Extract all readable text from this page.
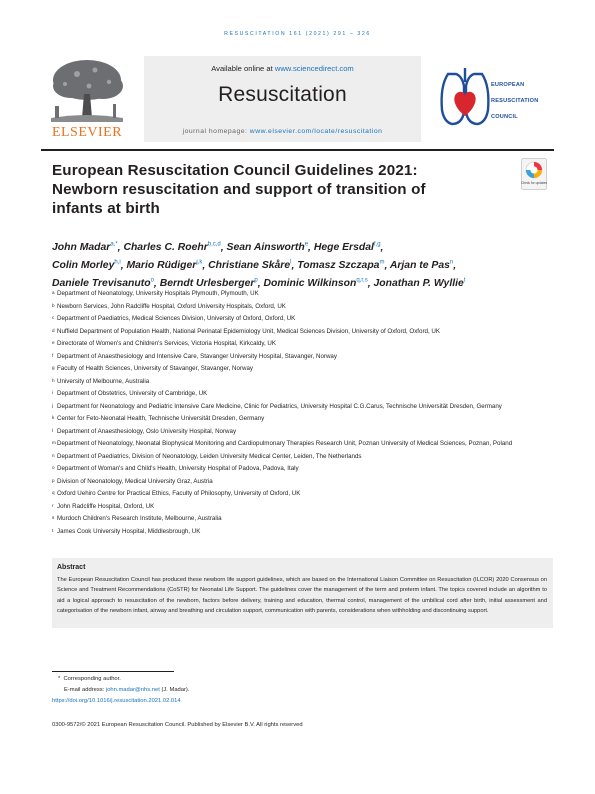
RESUSCITATION 161 (2021) 291 – 326
ELSEVIER
Available online at www.sciencedirect.com
Resuscitation
journal homepage: www.elsevier.com/locate/resuscitation
EUROPEAN
RESUSCITATION
COUNCIL
European Resuscitation Council Guidelines 2021:
Newborn resuscitation and support of transition of
infants at birth
Check for updates
John Madar$^{a,*}$, Charles C. Roehr$^{b,c,d}$, Sean Ainsworth$^e$, Hege Ersdal$^{f,g}$,
Colin Morley$^{h,i}$, Mario Rüdiger$^{j,k}$, Christiane Skåre$^l$, Tomasz Szczapa$^m$, Arjan te Pas$^n$,
Daniele Trevisanuto$^o$, Berndt Urlesberger$^p$, Dominic Wilkinson$^{q,r,s}$, Jonathan P. Wyllie$^t$
a Department of Neonatology, University Hospitals Plymouth, Plymouth, UK
b Newborn Services, John Radcliffe Hospital, Oxford University Hospitals, Oxford, UK
c Department of Paediatrics, Medical Sciences Division, University of Oxford, Oxford, UK
d Nuffield Department of Population Health, National Perinatal Epidemiology Unit, Medical Sciences Division, University of Oxford, Oxford, UK
e Directorate of Women's and Children's Services, Victoria Hospital, Kirkcaldy, UK
f Department of Anaesthesiology and Intensive Care, Stavanger University Hospital, Stavanger, Norway
g Faculty of Health Sciences, University of Stavanger, Stavanger, Norway
h University of Melbourne, Australia
i Department of Obstetrics, University of Cambridge, UK
j Department for Neonatology and Pediatric Intensive Care Medicine, Clinic for Pediatrics, University Hospital C.G.Carus, Technische Universität Dresden, Germany
k Center for Feto-Neonatal Health, Technische Universität Dresden, Germany
l Department of Anaesthesiology, Oslo University Hospital, Norway
m Department of Neonatology, Neonatal Biophysical Monitoring and Cardiopulmonary Therapies Research Unit, Poznan University of Medical Sciences, Poznan, Poland
n Department of Paediatrics, Division of Neonatology, Leiden University Medical Center, Leiden, The Netherlands
o Department of Woman's and Child's Health, University Hospital of Padova, Padova, Italy
p Division of Neonatology, Medical University Graz, Austria
q Oxford Uehiro Centre for Practical Ethics, Faculty of Philosophy, University of Oxford, UK
r John Radcliffe Hospital, Oxford, UK
s Murdoch Children's Research Institute, Melbourne, Australia
t James Cook University Hospital, Middlesbrough, UK
Abstract
The European Resuscitation Council has produced these newborn life support guidelines, which are based on the International Liaison Committee on Resuscitation (ILCOR) 2020 Consensus on Science and Treatment Recommendations (CoSTR) for Neonatal Life Support. The guidelines cover the management of the term and preterm infant. The topics covered include an algorithm to aid a logical approach to resuscitation of the newborn, factors before delivery, training and education, thermal control, management of the umbilical cord after birth, initial assessment and categorisation of the newborn infant, airway and breathing and circulation support, communication with parents, considerations when withholding and discontinuing support.
* Corresponding author.
E-mail address: john.madar@nhs.net (J. Madar).
https://doi.org/10.1016/j.resuscitation.2021.02.014
0300-9572/© 2021 European Resuscitation Council. Published by Elsevier B.V. All rights reserved
